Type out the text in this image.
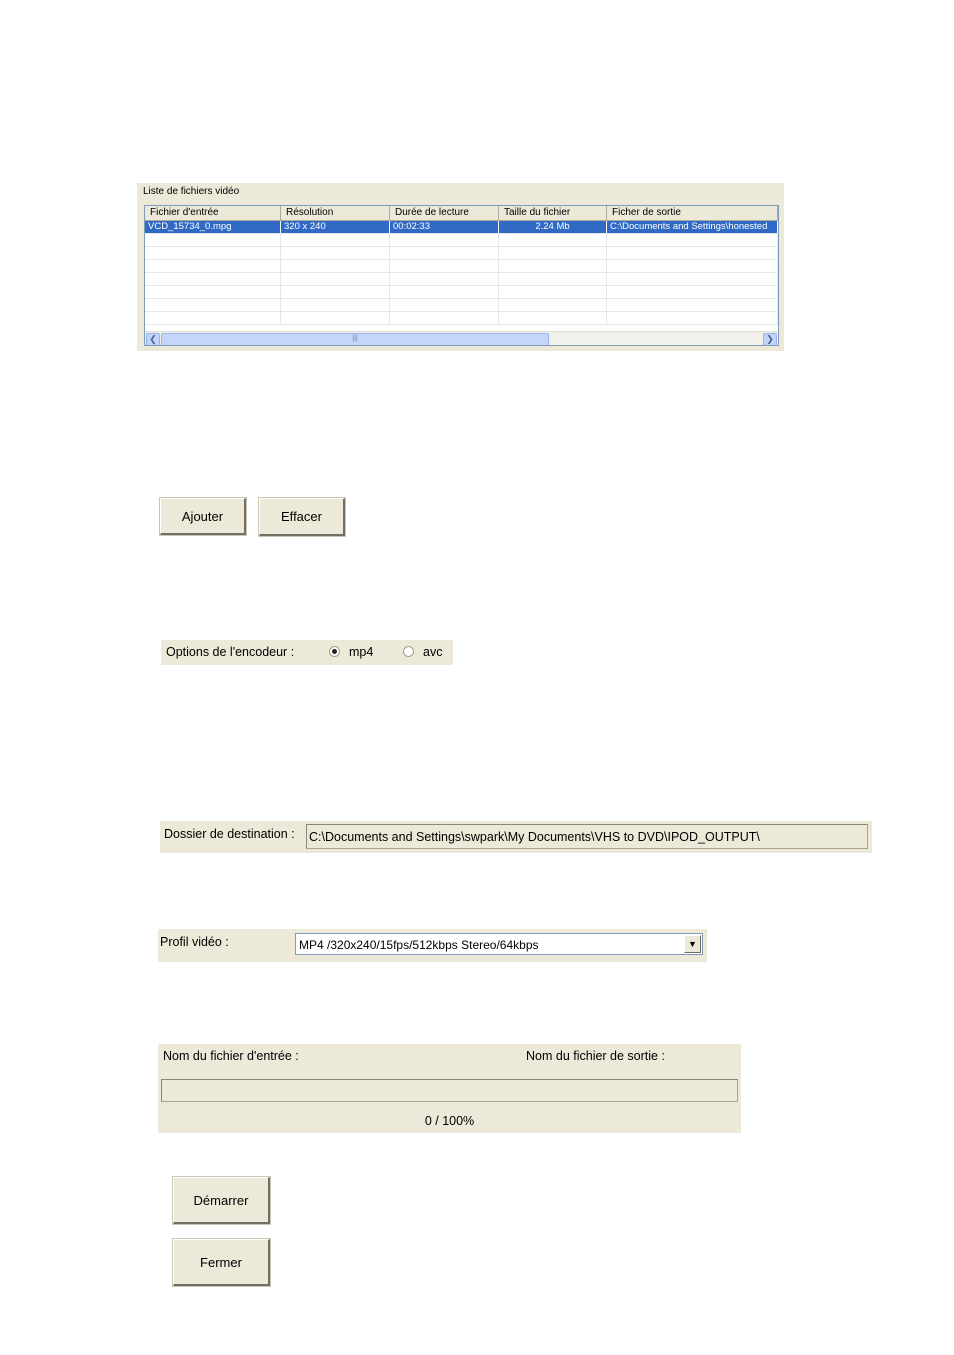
Liste de fichiers vidéo
Fichier d'entrée	Résolution	Durée de lecture	Taille du fichier	Ficher de sortie
VCD_15734_0.mpg	320 x 240	00:02:33	2.24 Mb	C:\Documents and Settings\honested
❮	|||	❯
Ajouter	Effacer
Options de l'encodeur :	mp4	avc
Dossier de destination : C:\Documents and Settings\swpark\My Documents\VHS to DVD\IPOD_OUTPUT\
Profil vidéo :	MP4 /320x240/15fps/512kbps Stereo/64kbps	▼
Nom du fichier d'entrée :	Nom du fichier de sortie :
0 / 100%
Démarrer
Fermer
